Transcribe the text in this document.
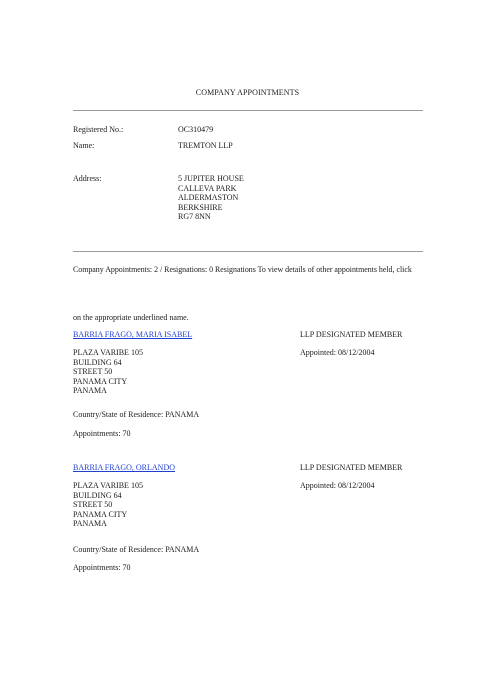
COMPANY APPOINTMENTS
Registered No.:	OC310479
Name:	TREMTON LLP
Address:	5 JUPITER HOUSE
CALLEVA PARK
ALDERMASTON
BERKSHIRE
RG7 8NN
Company Appointments: 2 / Resignations: 0 Resignations To view details of other appointments held, click
on the appropriate underlined name.
BARRIA FRAGO, MARIA ISABEL	LLP DESIGNATED MEMBER
PLAZA VARIBE 105
BUILDING 64
STREET 50
PANAMA CITY
PANAMA
Appointed: 08/12/2004
Country/State of Residence: PANAMA
Appointments: 70
BARRIA FRAGO, ORLANDO	LLP DESIGNATED MEMBER
PLAZA VARIBE 105
BUILDING 64
STREET 50
PANAMA CITY
PANAMA
Appointed: 08/12/2004
Country/State of Residence: PANAMA
Appointments: 70
